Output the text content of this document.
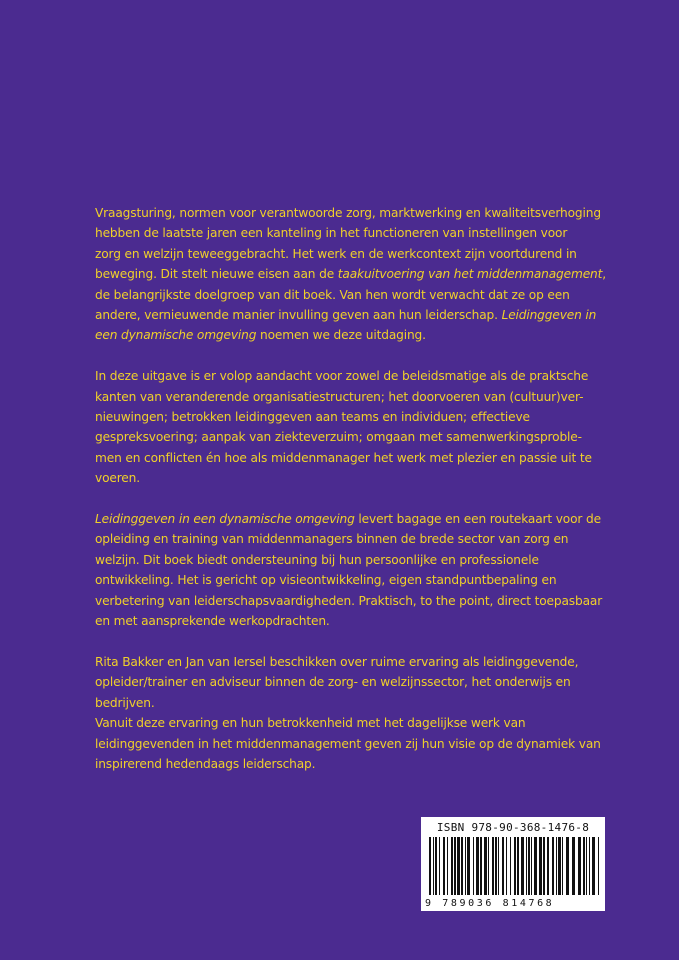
Vraagsturing, normen voor verantwoorde zorg, marktwerking en kwaliteitsverhoging
hebben de laatste jaren een kanteling in het functioneren van instellingen voor
zorg en welzijn teweeggebracht. Het werk en de werkcontext zijn voortdurend in
beweging. Dit stelt nieuwe eisen aan de taakuitvoering van het middenmanagement,
de belangrijkste doelgroep van dit boek. Van hen wordt verwacht dat ze op een
andere, vernieuwende manier invulling geven aan hun leiderschap. Leidinggeven in
een dynamische omgeving noemen we deze uitdaging.

In deze uitgave is er volop aandacht voor zowel de beleidsmatige als de praktsche
kanten van veranderende organisatiestructuren; het doorvoeren van (cultuur)ver-
nieuwingen; betrokken leidinggeven aan teams en individuen; effectieve
gespreksvoering; aanpak van ziekteverzuim; omgaan met samenwerkingsproble-
men en conflicten én hoe als middenmanager het werk met plezier en passie uit te
voeren.

Leidinggeven in een dynamische omgeving levert bagage en een routekaart voor de
opleiding en training van middenmanagers binnen de brede sector van zorg en
welzijn. Dit boek biedt ondersteuning bij hun persoonlijke en professionele
ontwikkeling. Het is gericht op visieontwikkeling, eigen standpuntbepaling en
verbetering van leiderschapsvaardigheden. Praktisch, to the point, direct toepasbaar
en met aansprekende werkopdrachten.

Rita Bakker en Jan van Iersel beschikken over ruime ervaring als leidinggevende,
opleider/trainer en adviseur binnen de zorg- en welzijnssector, het onderwijs en
bedrijven.
Vanuit deze ervaring en hun betrokkenheid met het dagelijkse werk van
leidinggevenden in het middenmanagement geven zij hun visie op de dynamiek van
inspirerend hedendaags leiderschap.

ISBN 978-90-368-1476-8
9 789036 814768
